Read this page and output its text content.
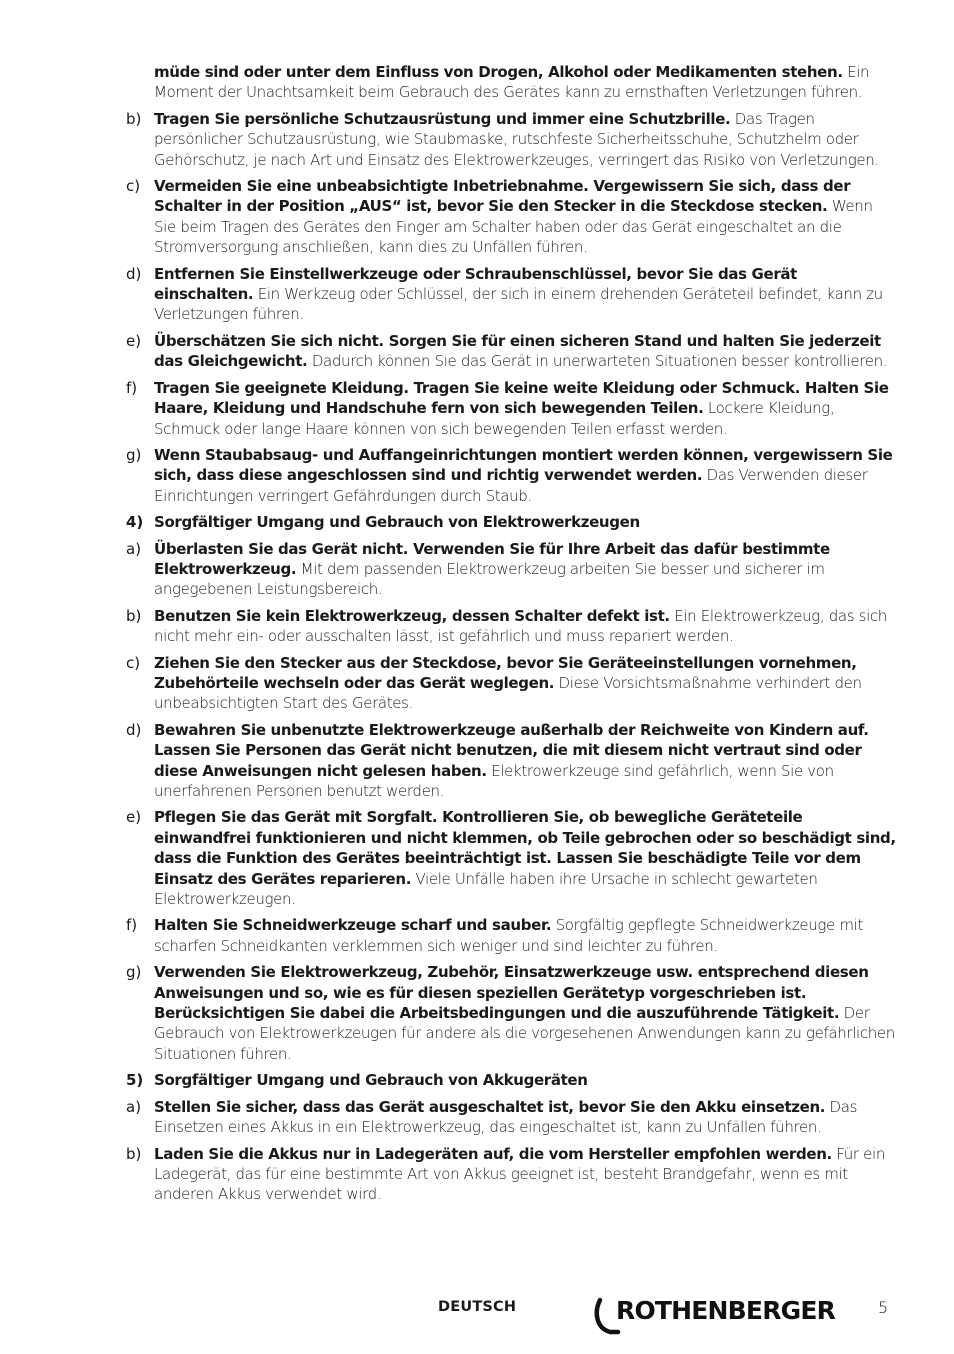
müde sind oder unter dem Einfluss von Drogen, Alkohol oder Medikamenten stehen. Ein Moment der Unachtsamkeit beim Gebrauch des Gerätes kann zu ernsthaften Verletzungen führen.
b) Tragen Sie persönliche Schutzausrüstung und immer eine Schutzbrille. Das Tragen persönlicher Schutzausrüstung, wie Staubmaske, rutschfeste Sicherheitsschuhe, Schutzhelm oder Gehörschutz, je nach Art und Einsatz des Elektrowerkzeuges, verringert das Risiko von Verletzungen.
c) Vermeiden Sie eine unbeabsichtigte Inbetriebnahme. Vergewissern Sie sich, dass der Schalter in der Position „AUS“ ist, bevor Sie den Stecker in die Steckdose stecken. Wenn Sie beim Tragen des Gerätes den Finger am Schalter haben oder das Gerät eingeschaltet an die Stromversorgung anschließen, kann dies zu Unfällen führen.
d) Entfernen Sie Einstellwerkzeuge oder Schraubenschlüssel, bevor Sie das Gerät einschalten. Ein Werkzeug oder Schlüssel, der sich in einem drehenden Geräteteil befindet, kann zu Verletzungen führen.
e) Überschätzen Sie sich nicht. Sorgen Sie für einen sicheren Stand und halten Sie jederzeit das Gleichgewicht. Dadurch können Sie das Gerät in unerwarteten Situationen besser kontrollieren.
f)	Tragen Sie geeignete Kleidung. Tragen Sie keine weite Kleidung oder Schmuck. Halten Sie Haare, Kleidung und Handschuhe fern von sich bewegenden Teilen. Lockere Kleidung, Schmuck oder lange Haare können von sich bewegenden Teilen erfasst werden.
g) Wenn Staubabsaug- und Auffangeinrichtungen montiert werden können, vergewissern Sie sich, dass diese angeschlossen sind und richtig verwendet werden. Das Verwenden dieser Einrichtungen verringert Gefährdungen durch Staub.
4) Sorgfältiger Umgang und Gebrauch von Elektrowerkzeugen
a) Überlasten Sie das Gerät nicht. Verwenden Sie für Ihre Arbeit das dafür bestimmte Elektrowerkzeug. Mit dem passenden Elektrowerkzeug arbeiten Sie besser und sicherer im angegebenen Leistungsbereich.
b) Benutzen Sie kein Elektrowerkzeug, dessen Schalter defekt ist. Ein Elektrowerkzeug, das sich nicht mehr ein- oder ausschalten lässt, ist gefährlich und muss repariert werden.
c) Ziehen Sie den Stecker aus der Steckdose, bevor Sie Geräteeinstellungen vornehmen, Zubehörteile wechseln oder das Gerät weglegen. Diese Vorsichtsmaßnahme verhindert den unbeabsichtigten Start des Gerätes.
d) Bewahren Sie unbenutzte Elektrowerkzeuge außerhalb der Reichweite von Kindern auf. Lassen Sie Personen das Gerät nicht benutzen, die mit diesem nicht vertraut sind oder diese Anweisungen nicht gelesen haben. Elektrowerkzeuge sind gefährlich, wenn Sie von unerfahrenen Personen benutzt werden.
e) Pflegen Sie das Gerät mit Sorgfalt. Kontrollieren Sie, ob bewegliche Geräteteile einwandfrei funktionieren und nicht klemmen, ob Teile gebrochen oder so beschädigt sind, dass die Funktion des Gerätes beeinträchtigt ist. Lassen Sie beschädigte Teile vor dem Einsatz des Gerätes reparieren. Viele Unfälle haben ihre Ursache in schlecht gewarteten Elektrowerkzeugen.
f)	Halten Sie Schneidwerkzeuge scharf und sauber. Sorgfältig gepflegte Schneidwerkzeuge mit scharfen Schneidkanten verklemmen sich weniger und sind leichter zu führen.
g) Verwenden Sie Elektrowerkzeug, Zubehör, Einsatzwerkzeuge usw. entsprechend diesen Anweisungen und so, wie es für diesen speziellen Gerätetyp vorgeschrieben ist. Berücksichtigen Sie dabei die Arbeitsbedingungen und die auszuführende Tätigkeit. Der Gebrauch von Elektrowerkzeugen für andere als die vorgesehenen Anwendungen kann zu gefährlichen Situationen führen.
5) Sorgfältiger Umgang und Gebrauch von Akkugeräten
a) Stellen Sie sicher, dass das Gerät ausgeschaltet ist, bevor Sie den Akku einsetzen. Das Einsetzen eines Akkus in ein Elektrowerkzeug, das eingeschaltet ist, kann zu Unfällen führen.
b) Laden Sie die Akkus nur in Ladegeräten auf, die vom Hersteller empfohlen werden. Für ein Ladegerät, das für eine bestimmte Art von Akkus geeignet ist, besteht Brandgefahr, wenn es mit anderen Akkus verwendet wird.
DEUTSCH	ROTHENBERGER	5
